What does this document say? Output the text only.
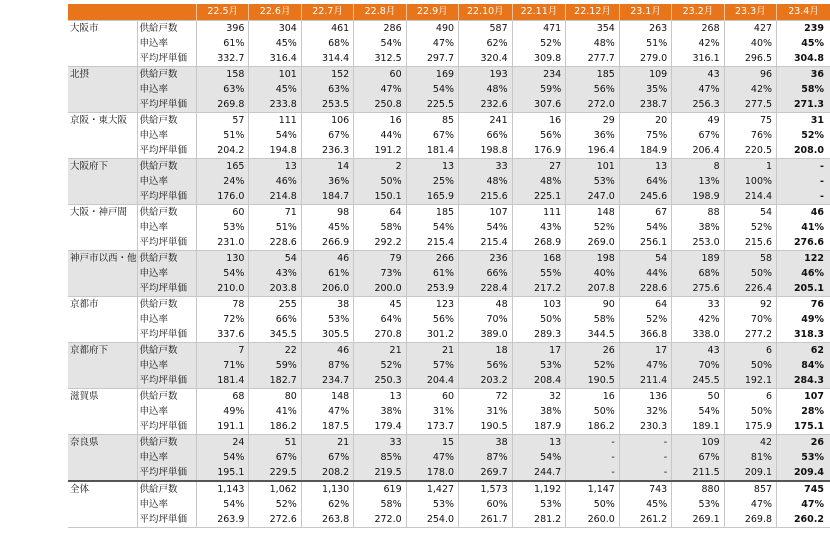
		22.5月	22.6月	22.7月	22.8月	22.9月	22.10月	22.11月	22.12月	23.1月	23.2月	23.3月	23.4月
大阪市	供給戸数	396	304	461	286	490	587	471	354	263	268	427	239
	申込率	61%	45%	68%	54%	47%	62%	52%	48%	51%	42%	40%	45%
	平均坪単価	332.7	316.4	314.4	312.5	297.7	320.4	309.8	277.7	279.0	316.1	296.5	304.8
北摂	供給戸数	158	101	152	60	169	193	234	185	109	43	96	36
	申込率	63%	45%	63%	47%	54%	48%	59%	56%	35%	47%	42%	58%
	平均坪単価	269.8	233.8	253.5	250.8	225.5	232.6	307.6	272.0	238.7	256.3	277.5	271.3
京阪・東大阪	供給戸数	57	111	106	16	85	241	16	29	20	49	75	31
	申込率	51%	54%	67%	44%	67%	66%	56%	36%	75%	67%	76%	52%
	平均坪単価	204.2	194.8	236.3	191.2	181.4	198.8	176.9	196.4	184.9	206.4	220.5	208.0
大阪府下	供給戸数	165	13	14	2	13	33	27	101	13	8	1	-
	申込率	24%	46%	36%	50%	25%	48%	48%	53%	64%	13%	100%	-
	平均坪単価	176.0	214.8	184.7	150.1	165.9	215.6	225.1	247.0	245.6	198.9	214.4	-
大阪・神戸間	供給戸数	60	71	98	64	185	107	111	148	67	88	54	46
	申込率	53%	51%	45%	58%	54%	54%	43%	52%	54%	38%	52%	41%
	平均坪単価	231.0	228.6	266.9	292.2	215.4	215.4	268.9	269.0	256.1	253.0	215.6	276.6
神戸市以西・他	供給戸数	130	54	46	79	266	236	168	198	54	189	58	122
	申込率	54%	43%	61%	73%	61%	66%	55%	40%	44%	68%	50%	46%
	平均坪単価	210.0	203.8	206.0	200.0	253.9	228.4	217.2	207.8	228.6	275.6	226.4	205.1
京都市	供給戸数	78	255	38	45	123	48	103	90	64	33	92	76
	申込率	72%	66%	53%	64%	56%	70%	50%	58%	52%	42%	70%	49%
	平均坪単価	337.6	345.5	305.5	270.8	301.2	389.0	289.3	344.5	366.8	338.0	277.2	318.3
京都府下	供給戸数	7	22	46	21	21	18	17	26	17	43	6	62
	申込率	71%	59%	87%	52%	57%	56%	53%	52%	47%	70%	50%	84%
	平均坪単価	181.4	182.7	234.7	250.3	204.4	203.2	208.4	190.5	211.4	245.5	192.1	284.3
滋賀県	供給戸数	68	80	148	13	60	72	32	16	136	50	6	107
	申込率	49%	41%	47%	38%	31%	31%	38%	50%	32%	54%	50%	28%
	平均坪単価	191.1	186.2	187.5	179.4	173.7	190.5	187.9	186.2	230.3	189.1	175.9	175.1
奈良県	供給戸数	24	51	21	33	15	38	13	-	-	109	42	26
	申込率	54%	67%	67%	85%	47%	87%	54%	-	-	67%	81%	53%
	平均坪単価	195.1	229.5	208.2	219.5	178.0	269.7	244.7	-	-	211.5	209.1	209.4
全体	供給戸数	1,143	1,062	1,130	619	1,427	1,573	1,192	1,147	743	880	857	745
	申込率	54%	52%	62%	58%	53%	60%	53%	50%	45%	53%	47%	47%
	平均坪単価	263.9	272.6	263.8	272.0	254.0	261.7	281.2	260.0	261.2	269.1	269.8	260.2
